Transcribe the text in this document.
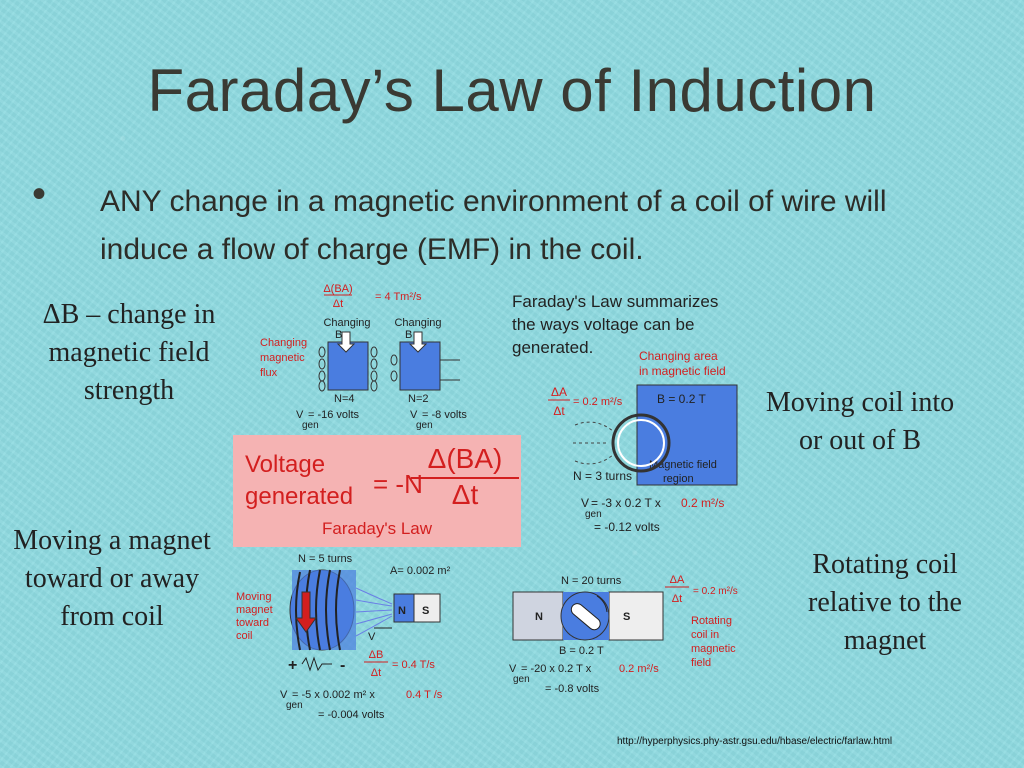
Faraday’s Law of Induction
• ANY change in a magnetic environment of a coil of wire will induce a flow of charge (EMF) in the coil.
ΔB – change in magnetic field strength
Moving a magnet toward or away from coil
Moving coil into or out of B
Rotating coil relative to the magnet
Voltage
generated = -N
$\frac{\Delta(BA)}{\Delta t}$
Faraday's Law
Faraday's Law summarizes
the ways voltage can be
generated.
Δ(BA)
Δt
= 4 Tm²/s
Changing
B
Changing
B
Changing magnetic flux
N=4	N=2
V
gen
= -16 volts	V
gen
= -8 volts
Changing area in magnetic field
ΔA
Δt
= 0.2 m²/s	B = 0.2 T
Magnetic field region
N = 3 turns
V
gen
= -3 x 0.2 T x 0.2 m²/s
= -0.12 volts
N = 5 turns
A= 0.002 m²
Moving magnet toward coil
N S
V
ΔB
Δt
= 0.4 T/s
+	-
V
gen
= -5 x 0.002 m² x	0.4 T /s
= -0.004 volts
N = 20 turns
N	S
B = 0.2 T
ΔA
Δt
= 0.2 m²/s
Rotating coil in magnetic field
V
gen
= -20 x 0.2 T x	0.2 m²/s
= -0.8 volts
http://hyperphysics.phy-astr.gsu.edu/hbase/electric/farlaw.html
